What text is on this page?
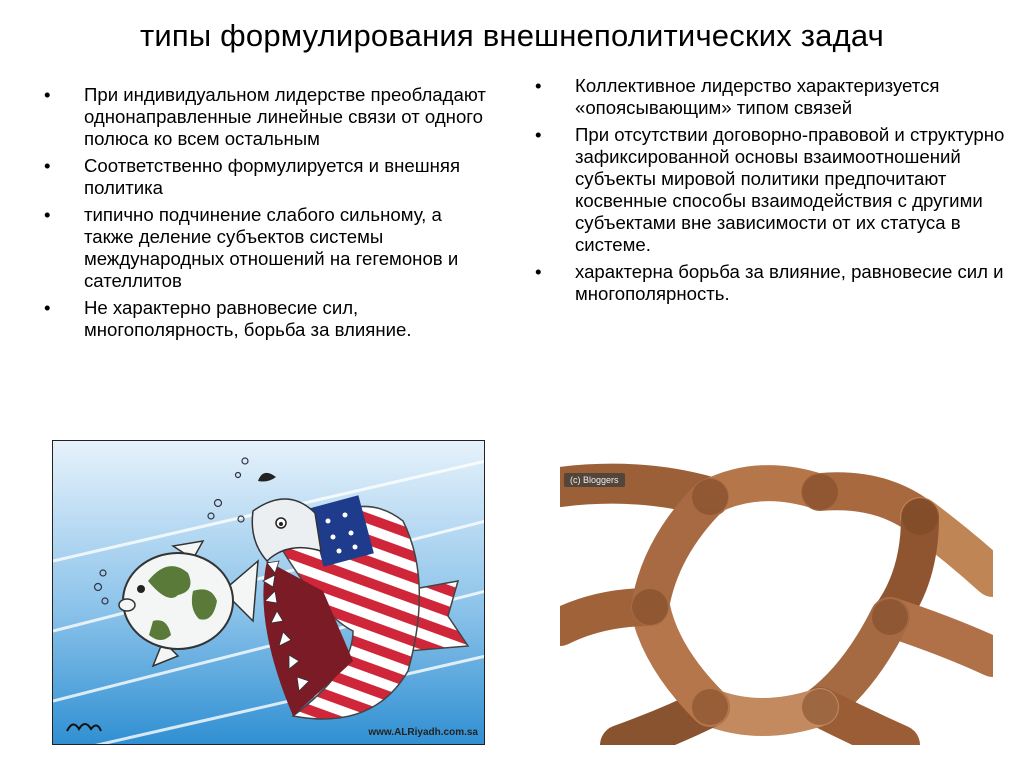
типы формулирования внешнеполитических задач
•	При индивидуальном лидерстве преобладают однонаправленные линейные связи от одного полюса ко всем остальным
•	Соответственно формулируется и внешняя политика
•	типично подчинение слабого сильному, а также деление субъектов системы международных отношений на гегемонов и сателлитов
•	Не характерно равновесие сил, многополярность, борьба за влияние.
•	Коллективное лидерство характеризуется «опоясывающим» типом связей
•	При отсутствии договорно-правовой и структурно зафиксированной основы взаимоотношений субъекты мировой политики предпочитают косвенные способы взаимодействия с другими субъектами вне зависимости от их статуса в системе.
•	характерна борьба за влияние, равновесие сил и многополярность.
www.ALRiyadh.com.sa
(c) Bloggers
